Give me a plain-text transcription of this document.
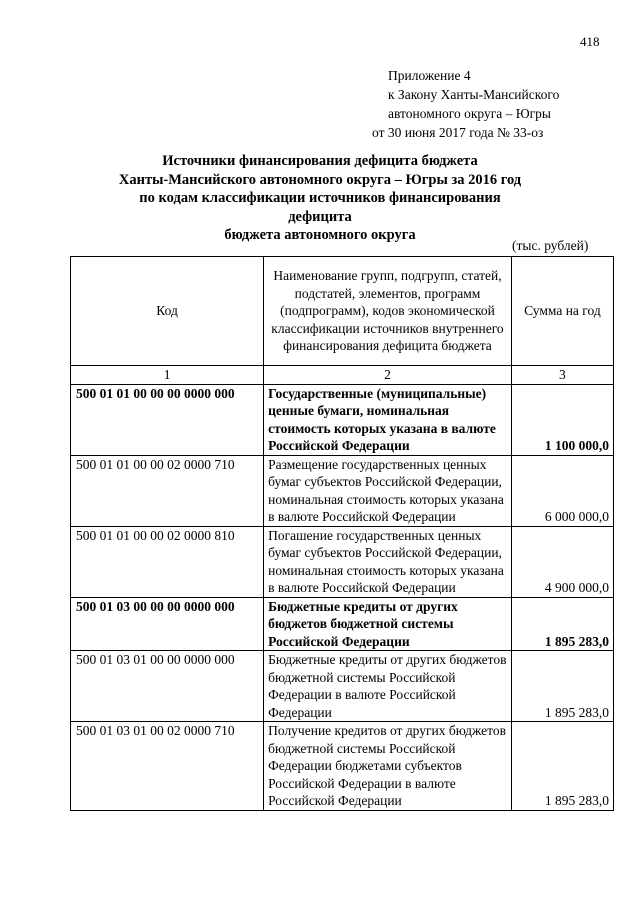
418
Приложение 4
к Закону Ханты-Мансийского
автономного округа – Югры
от 30 июня 2017 года № 33-оз
Источники финансирования дефицита бюджета
Ханты-Мансийского автономного округа – Югры за 2016 год
по кодам классификации источников финансирования дефицита
бюджета автономного округа
(тыс. рублей)
Код	Наименование групп, подгрупп, статей, подстатей, элементов, программ (подпрограмм), кодов экономической классификации источников внутреннего финансирования дефицита бюджета	Сумма на год
1	2	3
500 01 01 00 00 00 0000 000	Государственные (муниципальные) ценные бумаги, номинальная стоимость которых указана в валюте Российской Федерации	1 100 000,0
500 01 01 00 00 02 0000 710	Размещение государственных ценных бумаг субъектов Российской Федерации, номинальная стоимость которых указана в валюте Российской Федерации	6 000 000,0
500 01 01 00 00 02 0000 810	Погашение государственных ценных бумаг субъектов Российской Федерации, номинальная стоимость которых указана в валюте Российской Федерации	4 900 000,0
500 01 03 00 00 00 0000 000	Бюджетные кредиты от других бюджетов бюджетной системы Российской Федерации	1 895 283,0
500 01 03 01 00 00 0000 000	Бюджетные кредиты от других бюджетов бюджетной системы Российской Федерации в валюте Российской Федерации	1 895 283,0
500 01 03 01 00 02 0000 710	Получение кредитов от других бюджетов бюджетной системы Российской Федерации бюджетами субъектов Российской Федерации в валюте Российской Федерации	1 895 283,0
